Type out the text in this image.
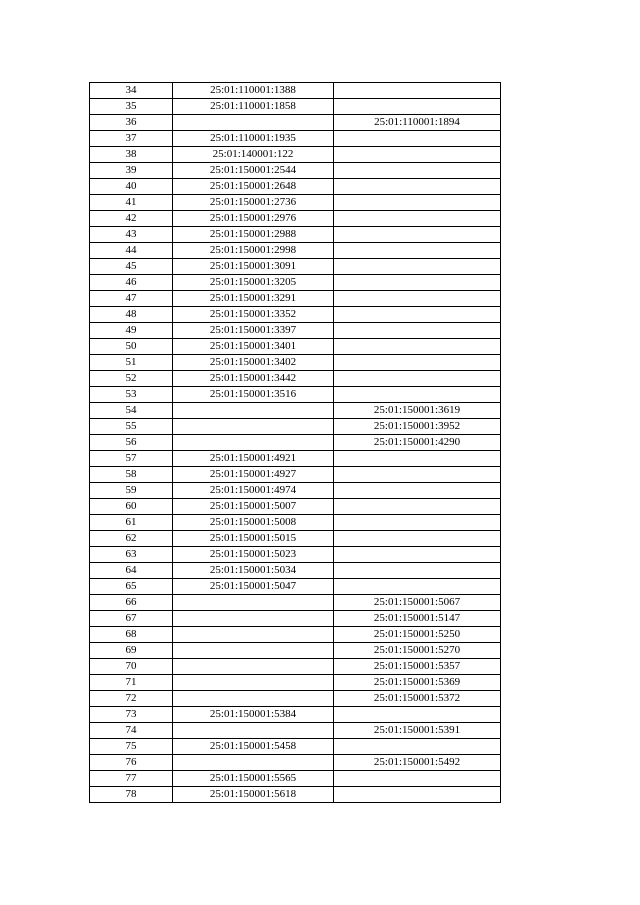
34	25:01:110001:1388	
35	25:01:110001:1858	
36		25:01:110001:1894
37	25:01:110001:1935	
38	25:01:140001:122	
39	25:01:150001:2544	
40	25:01:150001:2648	
41	25:01:150001:2736	
42	25:01:150001:2976	
43	25:01:150001:2988	
44	25:01:150001:2998	
45	25:01:150001:3091	
46	25:01:150001:3205	
47	25:01:150001:3291	
48	25:01:150001:3352	
49	25:01:150001:3397	
50	25:01:150001:3401	
51	25:01:150001:3402	
52	25:01:150001:3442	
53	25:01:150001:3516	
54		25:01:150001:3619
55		25:01:150001:3952
56		25:01:150001:4290
57	25:01:150001:4921	
58	25:01:150001:4927	
59	25:01:150001:4974	
60	25:01:150001:5007	
61	25:01:150001:5008	
62	25:01:150001:5015	
63	25:01:150001:5023	
64	25:01:150001:5034	
65	25:01:150001:5047	
66		25:01:150001:5067
67		25:01:150001:5147
68		25:01:150001:5250
69		25:01:150001:5270
70		25:01:150001:5357
71		25:01:150001:5369
72		25:01:150001:5372
73	25:01:150001:5384	
74		25:01:150001:5391
75	25:01:150001:5458	
76		25:01:150001:5492
77	25:01:150001:5565	
78	25:01:150001:5618	
